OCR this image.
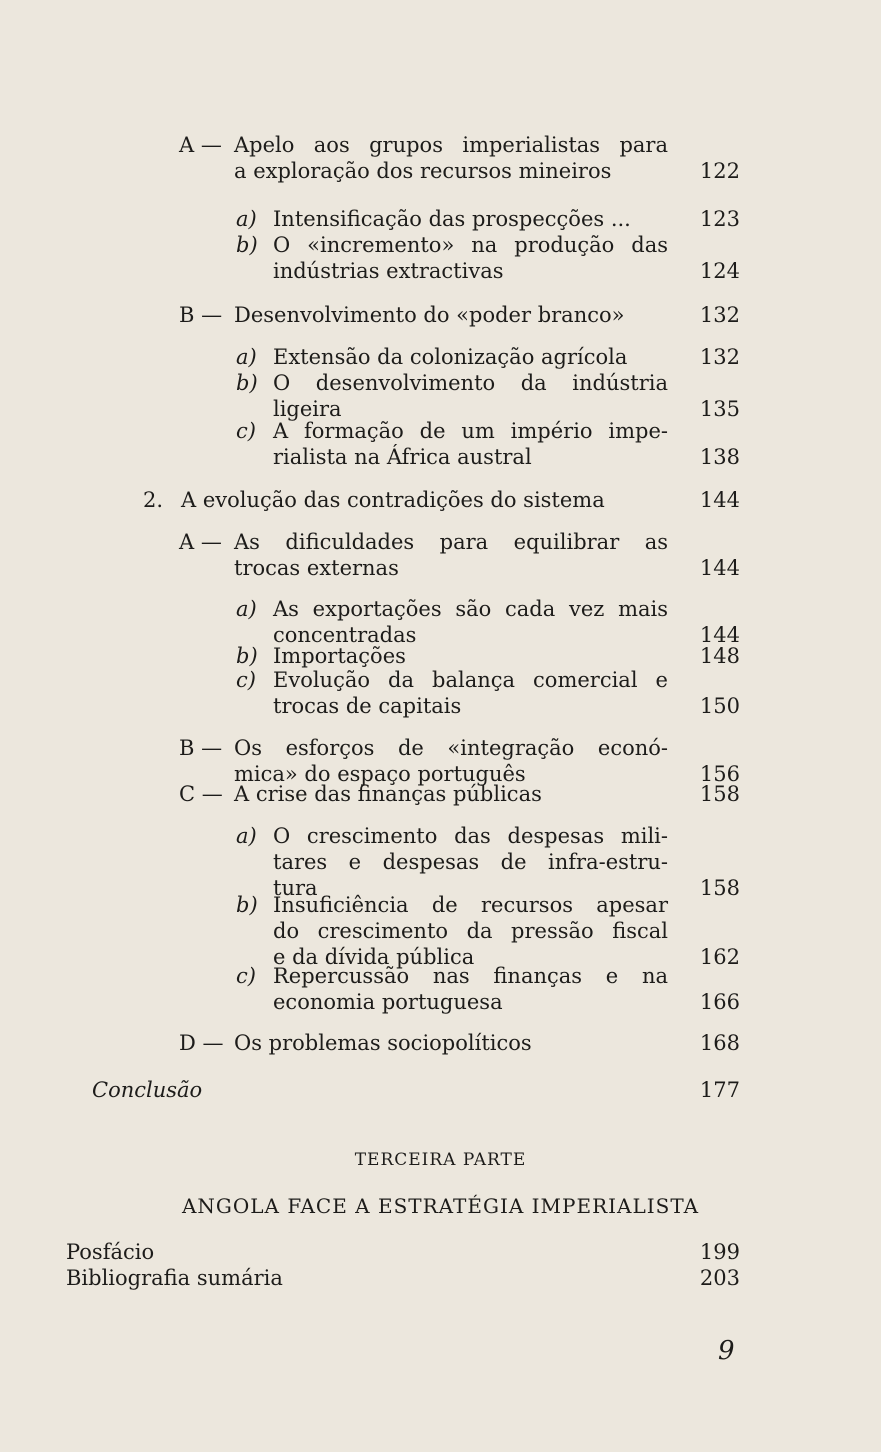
A — Apelo aos grupos imperialistas para
a exploração dos recursos mineiros	122
a) Intensificação das prospecções ...	123
b) O «incremento» na produção das
indústrias extractivas .....	124
B — Desenvolvimento do «poder branco»	132
a) Extensão da colonização agrícola	132
b) O desenvolvimento da indústria
ligeira .....	135
c) A formação de um império impe-
rialista na África austral .....	138
2. A evolução das contradições do sistema	144
A — As dificuldades para equilibrar as
trocas externas .....	144
a) As exportações são cada vez mais
concentradas .....	144
b) Importações .....	148
c) Evolução da balança comercial e
trocas de capitais .....	150
B — Os esforços de «integração econó-
mica» do espaço português .....	156
C — A crise das finanças públicas .....	158
a) O crescimento das despesas mili-
tares e despesas de infra-estru-
tura .....	158
b) Insuficiência de recursos apesar
do crescimento da pressão fiscal
e da dívida pública .....	162
c) Repercussão nas finanças e na
economia portuguesa .....	166
D — Os problemas sociopolíticos .....	168
Conclusão .....	177
Posfácio .....	199
Bibliografia sumária .....	203
TERCEIRA PARTE
ANGOLA FACE A ESTRATÉGIA IMPERIALISTA
9
